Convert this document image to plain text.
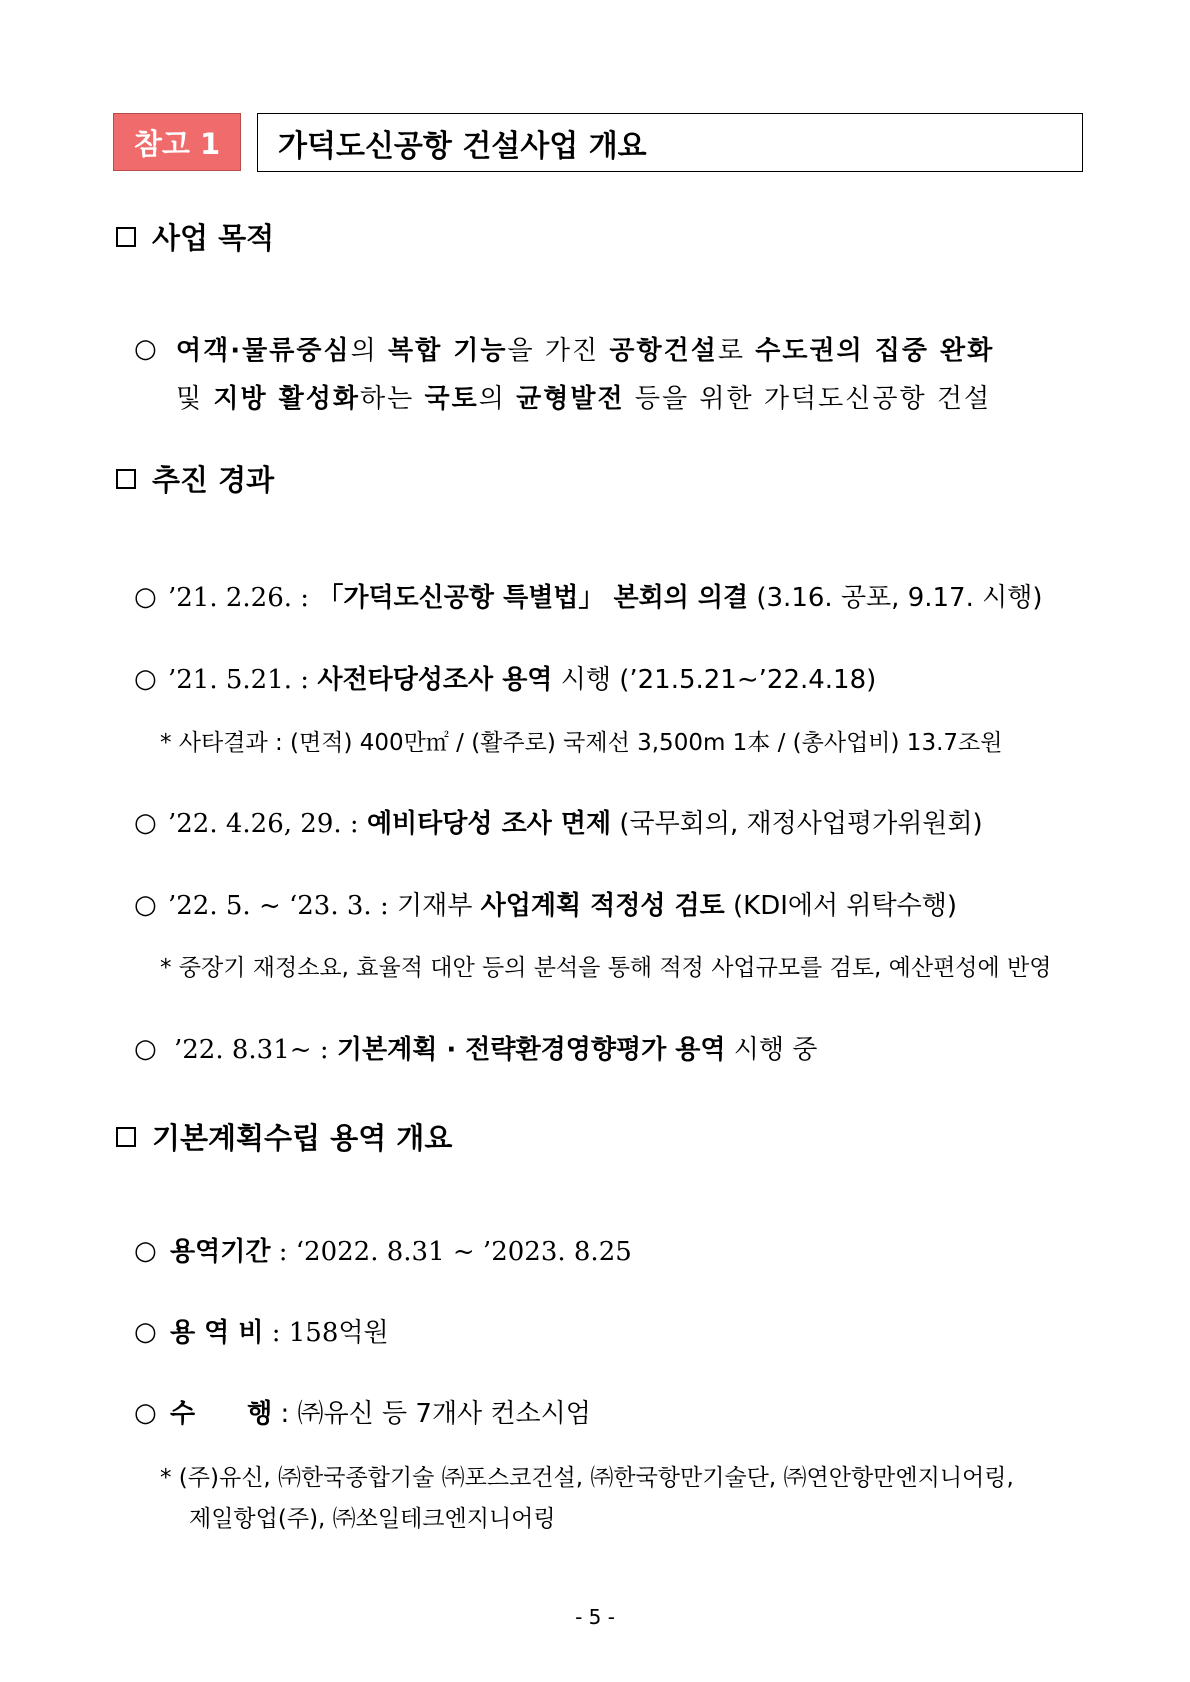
참고 1 가덕도신공항 건설사업 개요
사업 목적
○ 여객·물류중심의 복합 기능을 가진 공항건설로 수도권의 집중 완화
및 지방 활성화하는 국토의 균형발전 등을 위한 가덕도신공항 건설
추진 경과
○ ’21. 2.26. : 「가덕도신공항 특별법」 본회의 의결 (3.16. 공포, 9.17. 시행)
○ ’21. 5.21. : 사전타당성조사 용역 시행 (’21.5.21∼’22.4.18)
* 사타결과 : (면적) 400만㎡ / (활주로) 국제선 3,500m 1本 / (총사업비) 13.7조원
○ ’22. 4.26, 29. : 예비타당성 조사 면제 (국무회의, 재정사업평가위원회)
○ ’22. 5. ~ ‘23. 3. : 기재부 사업계획 적정성 검토 (KDI에서 위탁수행)
* 중장기 재정소요, 효율적 대안 등의 분석을 통해 적정 사업규모를 검토, 예산편성에 반영
○ ’22. 8.31~ : 기본계획 · 전략환경영향평가 용역 시행 중
기본계획수립 용역 개요
○ 용역기간 : ‘2022. 8.31 ~ ’2023. 8.25
○ 용 역 비 : 158억원
○ 수　　행 : ㈜유신 등 7개사 컨소시엄
* (주)유신, ㈜한국종합기술 ㈜포스코건설, ㈜한국항만기술단, ㈜연안항만엔지니어링,
제일항업(주), ㈜쏘일테크엔지니어링
- 5 -
